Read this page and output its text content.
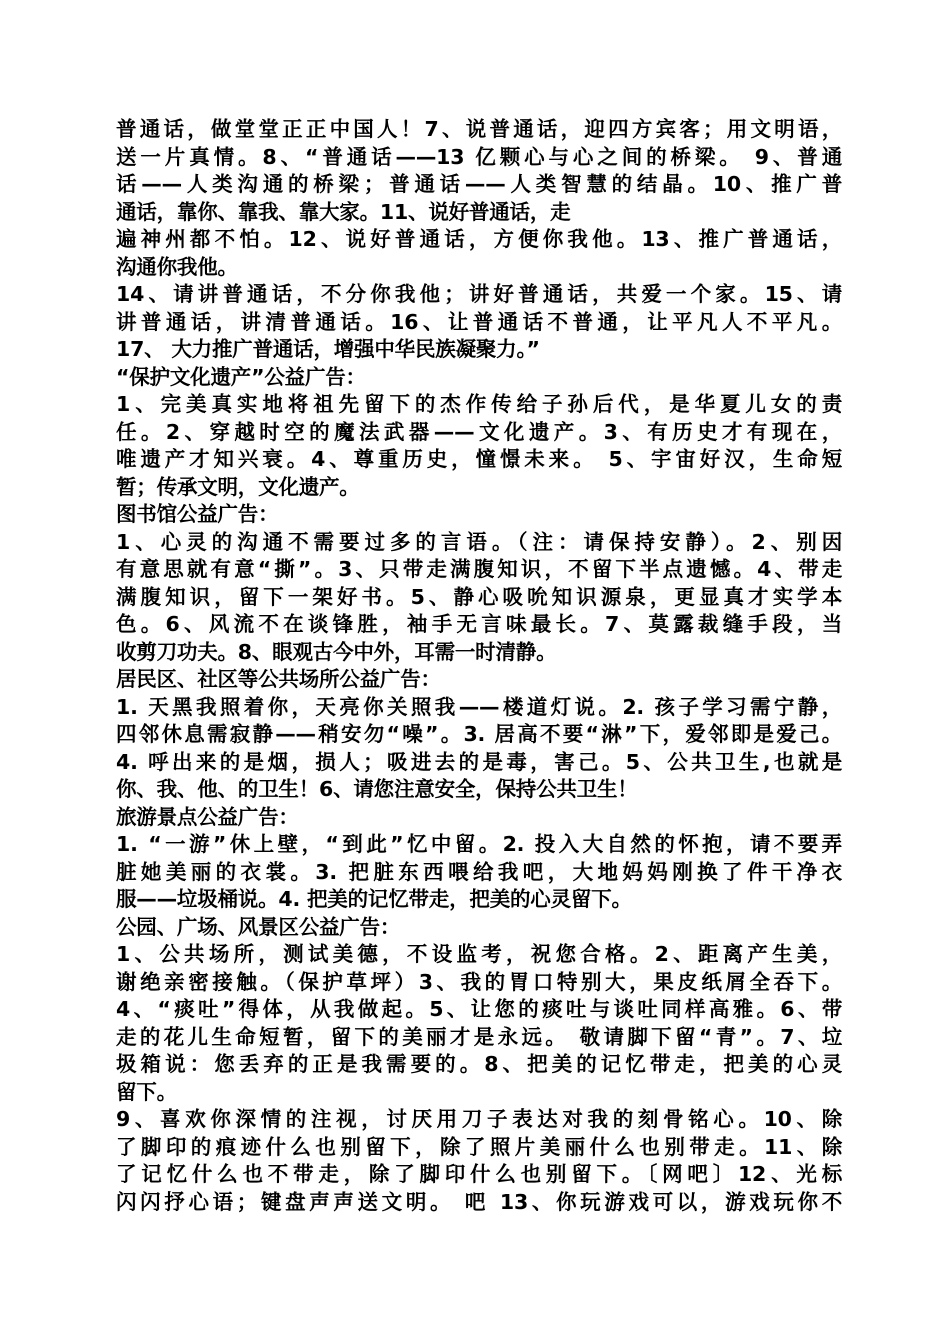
普通话，做堂堂正正中国人！7、说普通话，迎四方宾客；用文明语，
送一片真情。8、“普通话——13 亿颗心与心之间的桥梁。 9、普通
话——人类沟通的桥梁；普通话——人类智慧的结晶。10、推广普
通话，靠你、靠我、靠大家。11、说好普通话，走
遍神州都不怕。12、说好普通话，方便你我他。13、推广普通话，
沟通你我他。
14、请讲普通话，不分你我他；讲好普通话，共爱一个家。15、请
讲普通话，讲清普通话。16、让普通话不普通，让平凡人不平凡。
17、 大力推广普通话，增强中华民族凝聚力。”
“保护文化遗产”公益广告：
1、完美真实地将祖先留下的杰作传给子孙后代，是华夏儿女的责
任。2、穿越时空的魔法武器——文化遗产。3、有历史才有现在，
唯遗产才知兴衰。4、尊重历史，憧憬未来。 5、宇宙好汉，生命短
暂；传承文明，文化遗产。
图书馆公益广告：
1、心灵的沟通不需要过多的言语。（注：请保持安静）。2、别因
有意思就有意“撕”。3、只带走满腹知识，不留下半点遗憾。4、带走
满腹知识，留下一架好书。5、静心吸吮知识源泉，更显真才实学本
色。6、风流不在谈锋胜，袖手无言味最长。7、莫露裁缝手段，当
收剪刀功夫。8、眼观古今中外，耳需一时清静。
居民区、社区等公共场所公益广告：
1. 天黑我照着你，天亮你关照我——楼道灯说。2. 孩子学习需宁静，
四邻休息需寂静——稍安勿“噪”。3. 居高不要“淋”下，爱邻即是爱己。
4. 呼出来的是烟，损人；吸进去的是毒，害己。5、公共卫生,也就是
你、我、他、的卫生！6、请您注意安全，保持公共卫生！
旅游景点公益广告：
1. “一游”休上壁，“到此”忆中留。2. 投入大自然的怀抱，请不要弄
脏她美丽的衣裳。3. 把脏东西喂给我吧，大地妈妈刚换了件干净衣
服——垃圾桶说。4. 把美的记忆带走，把美的心灵留下。
公园、广场、风景区公益广告：
1、公共场所，测试美德，不设监考，祝您合格。2、距离产生美，
谢绝亲密接触。（保护草坪）3、我的胃口特别大，果皮纸屑全吞下。
4、“痰吐”得体，从我做起。5、让您的痰吐与谈吐同样高雅。6、带
走的花儿生命短暂，留下的美丽才是永远。 敬请脚下留“青”。7、垃
圾箱说：您丢弃的正是我需要的。8、把美的记忆带走，把美的心灵
留下。
9、喜欢你深情的注视，讨厌用刀子表达对我的刻骨铭心。10、除
了脚印的痕迹什么也别留下，除了照片美丽什么也别带走。11、除
了记忆什么也不带走，除了脚印什么也别留下。〔网吧〕12、光标
闪闪抒心语；键盘声声送文明。 吧 13、你玩游戏可以，游戏玩你不
